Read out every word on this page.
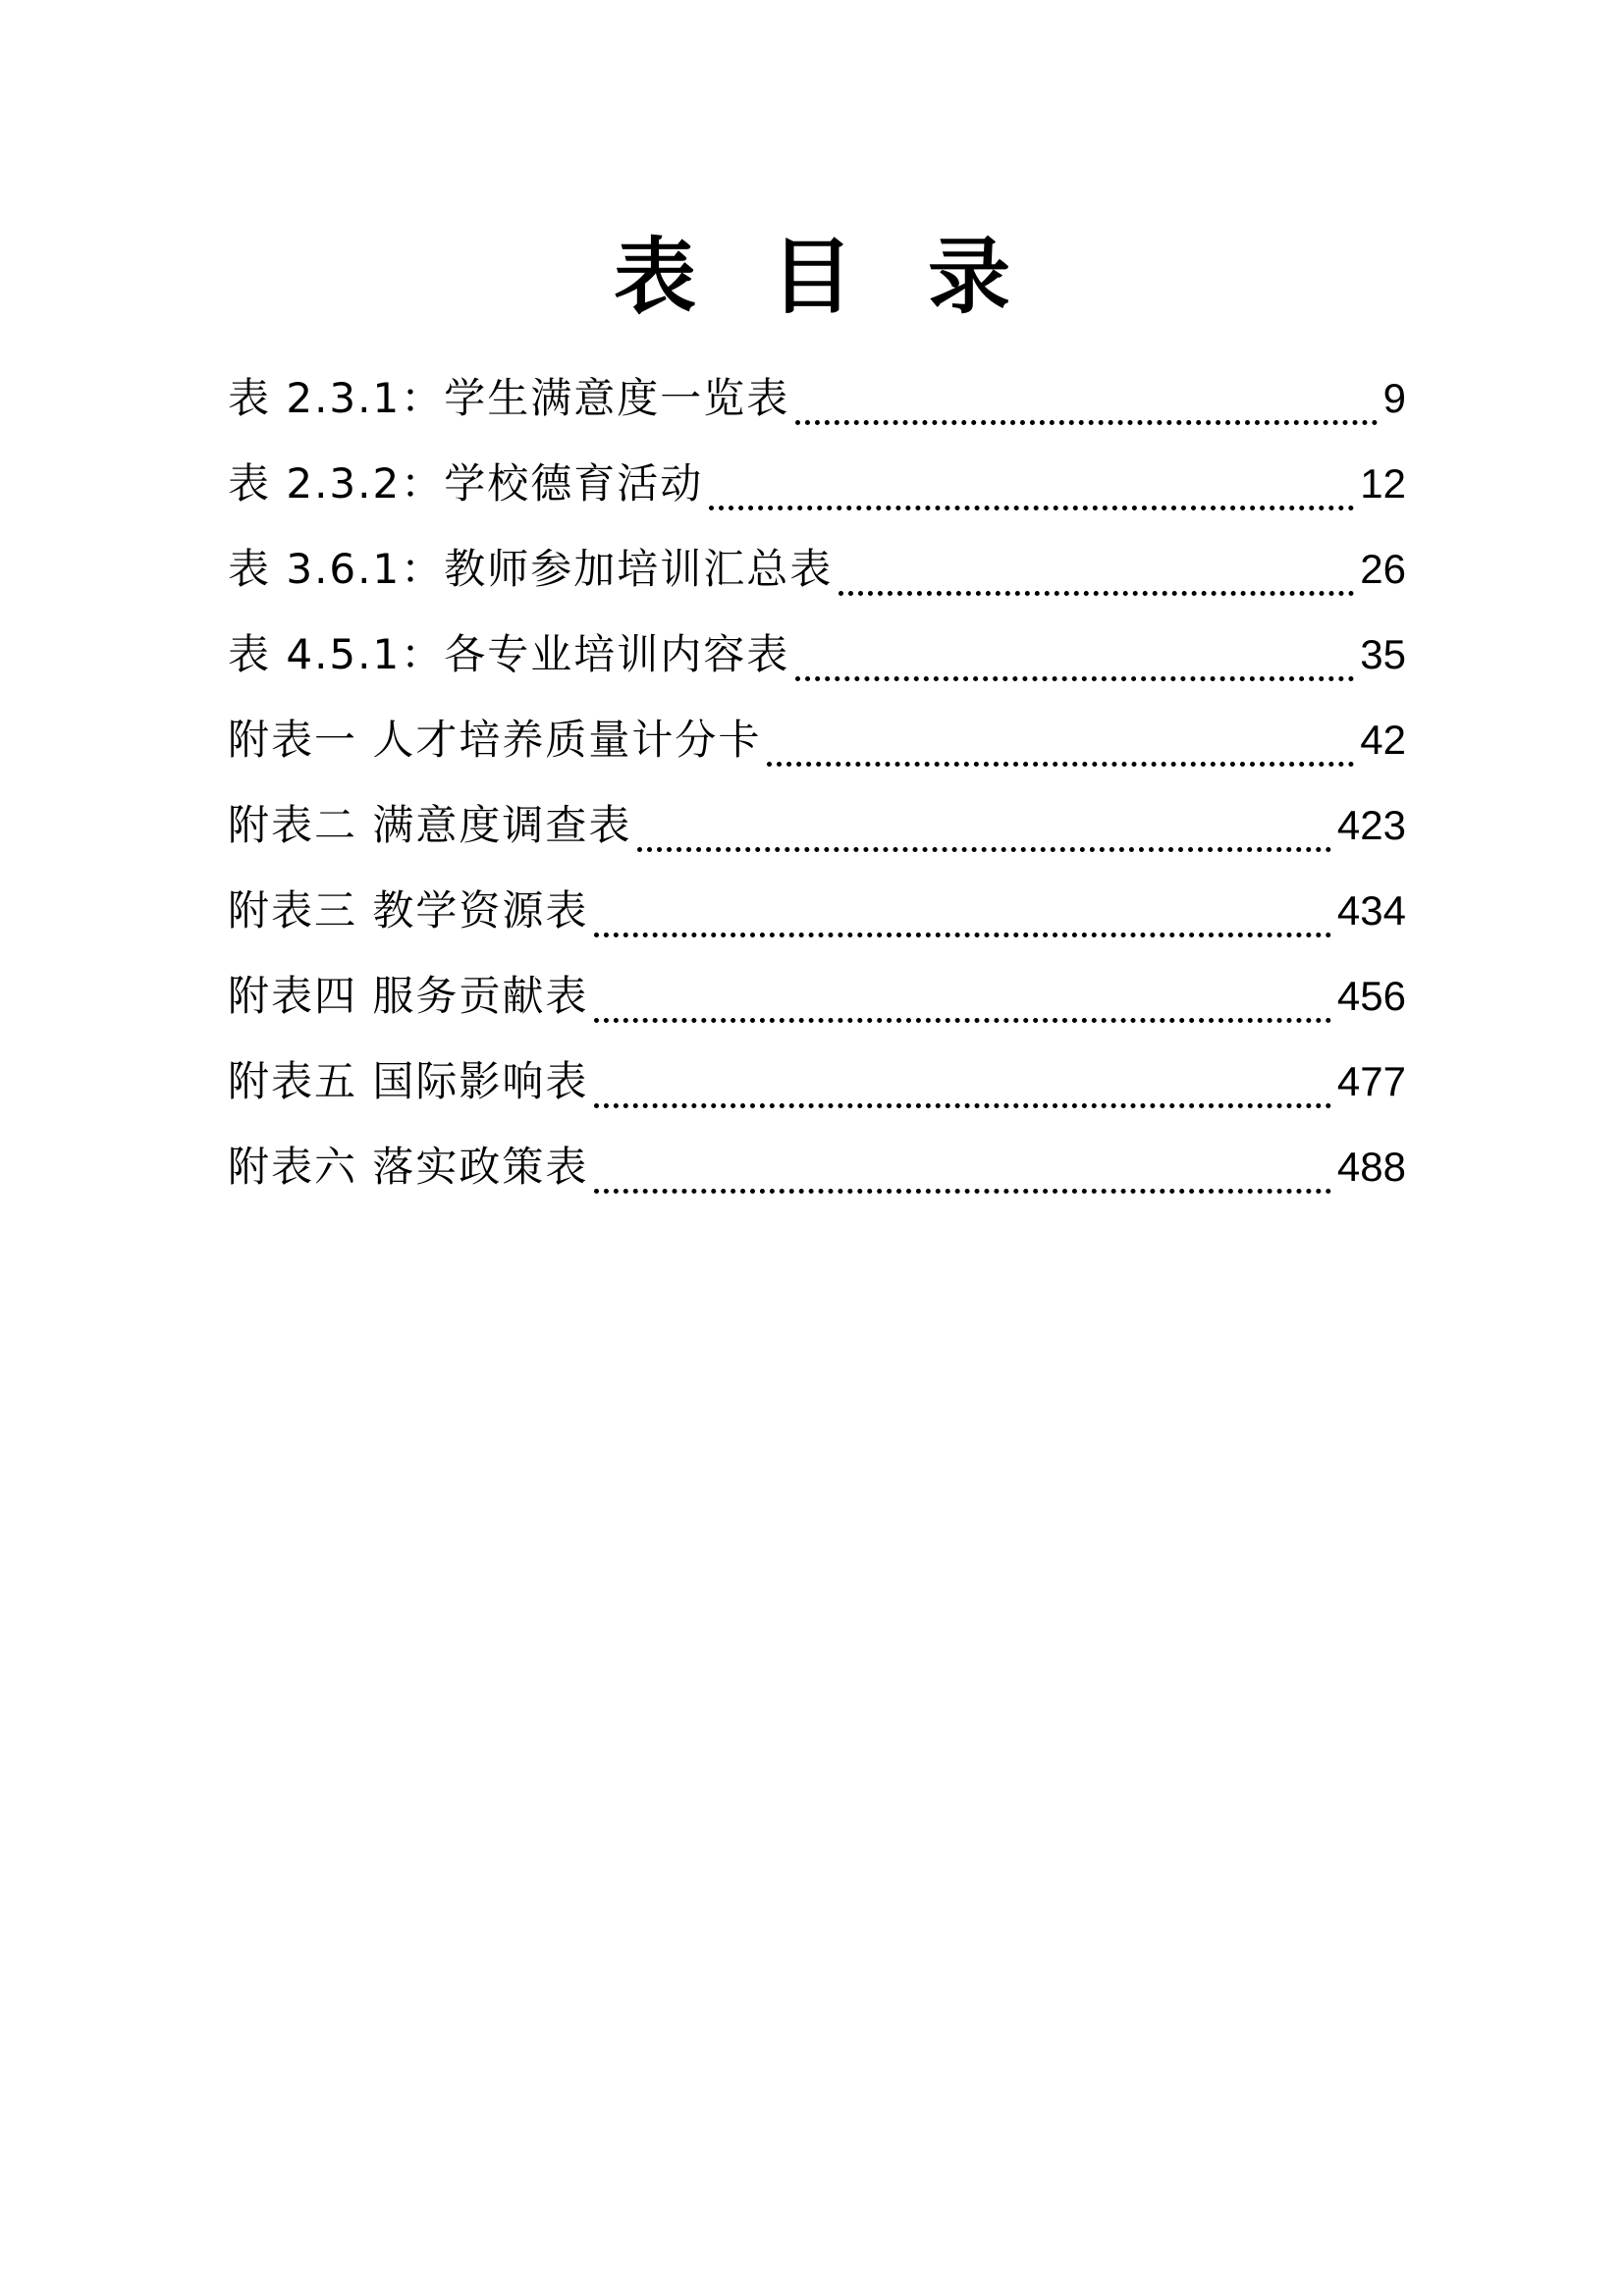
表 目 录
表 2.3.1：学生满意度一览表	9
表 2.3.2：学校德育活动	12
表 3.6.1：教师参加培训汇总表	26
表 4.5.1：各专业培训内容表	35
附表一 人才培养质量计分卡	42
附表二 满意度调查表	423
附表三 教学资源表	434
附表四 服务贡献表	456
附表五 国际影响表	477
附表六 落实政策表	488
